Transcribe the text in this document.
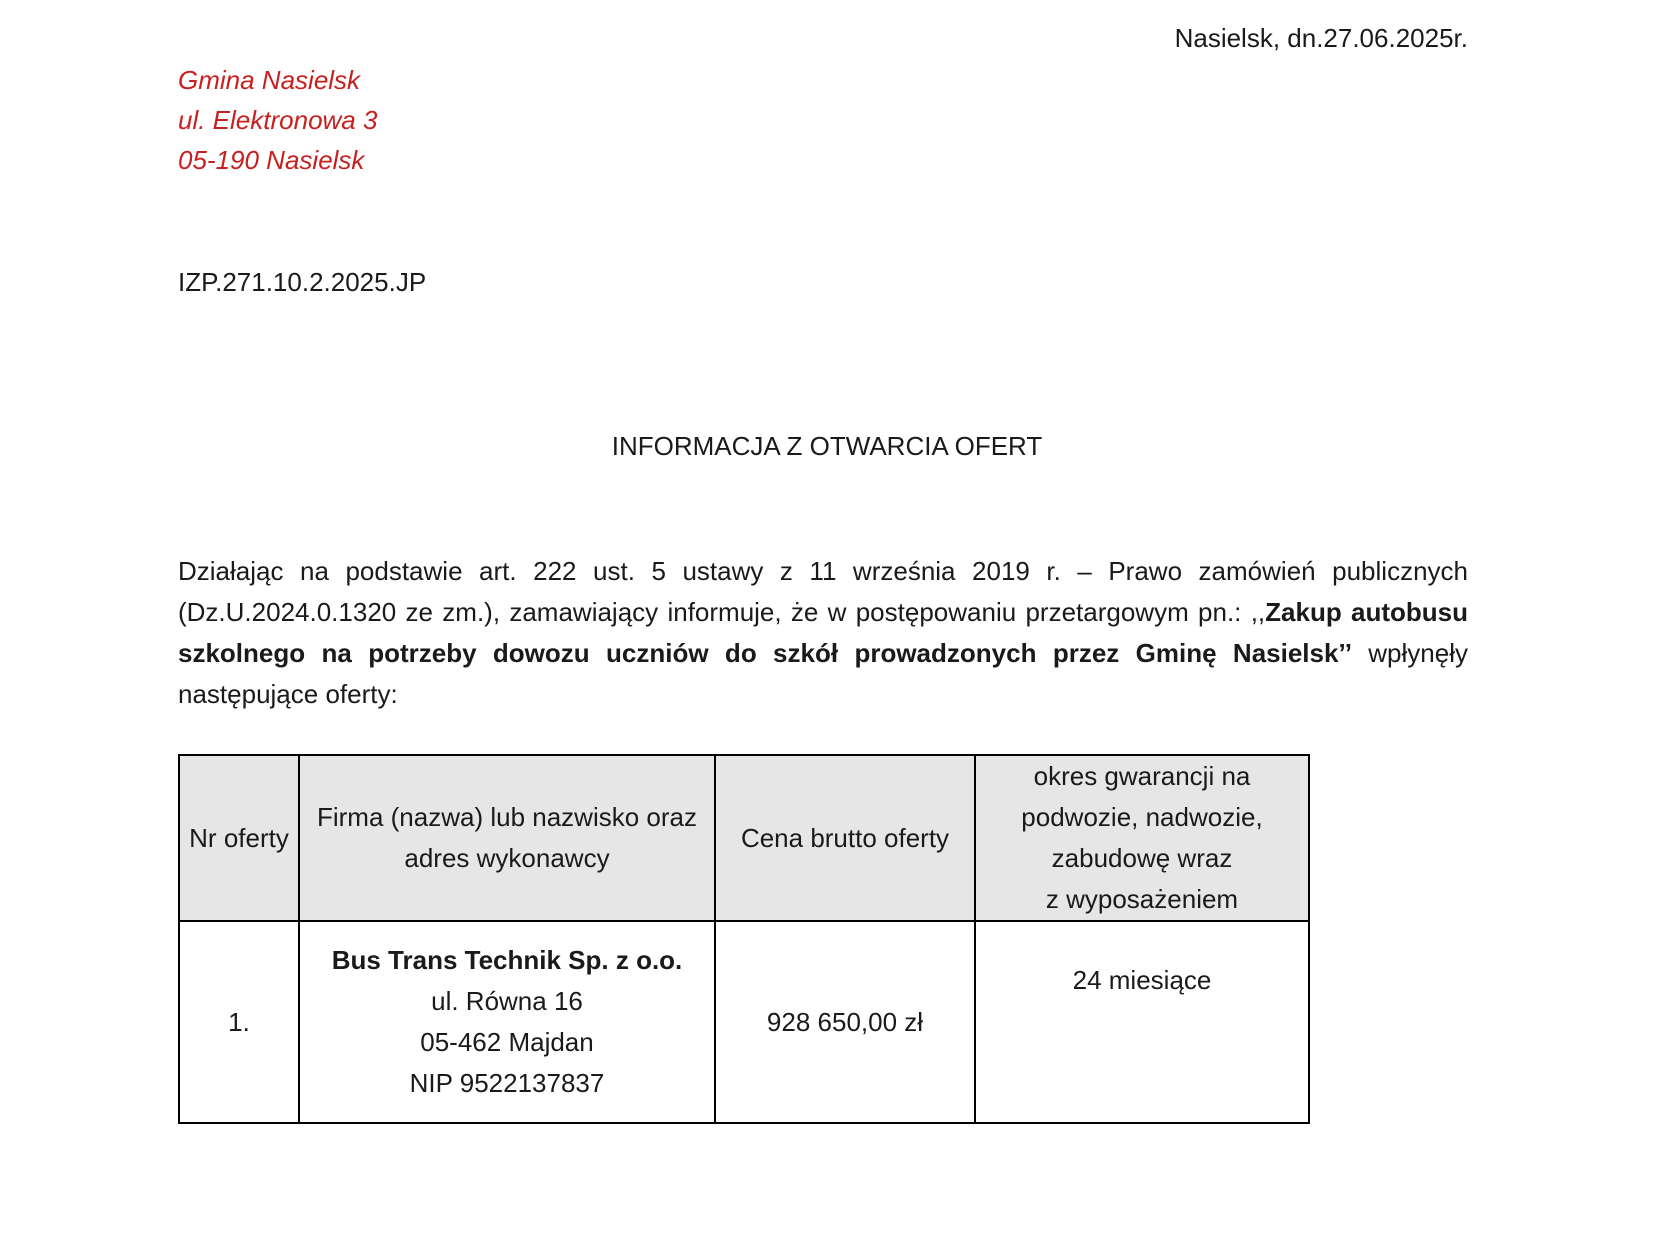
Nasielsk, dn.27.06.2025r.
Gmina Nasielsk
ul. Elektronowa 3
05-190 Nasielsk
IZP.271.10.2.2025.JP
INFORMACJA Z OTWARCIA OFERT
Działając na podstawie art. 222 ust. 5 ustawy z 11 września 2019 r. – Prawo zamówień publicznych (Dz.U.2024.0.1320 ze zm.), zamawiający informuje, że w postępowaniu przetargowym pn.: ,,Zakup autobusu szkolnego na potrzeby dowozu uczniów do szkół prowadzonych przez Gminę Nasielsk’’ wpłynęły następujące oferty:
Nr oferty	Firma (nazwa) lub nazwisko oraz adres wykonawcy	Cena brutto oferty	okres gwarancji na podwozie, nadwozie, zabudowę wraz
z wyposażeniem
1.	Bus Trans Technik Sp. z o.o.
ul. Równa 16
05-462 Majdan
NIP 9522137837	928 650,00 zł	24 miesiące
